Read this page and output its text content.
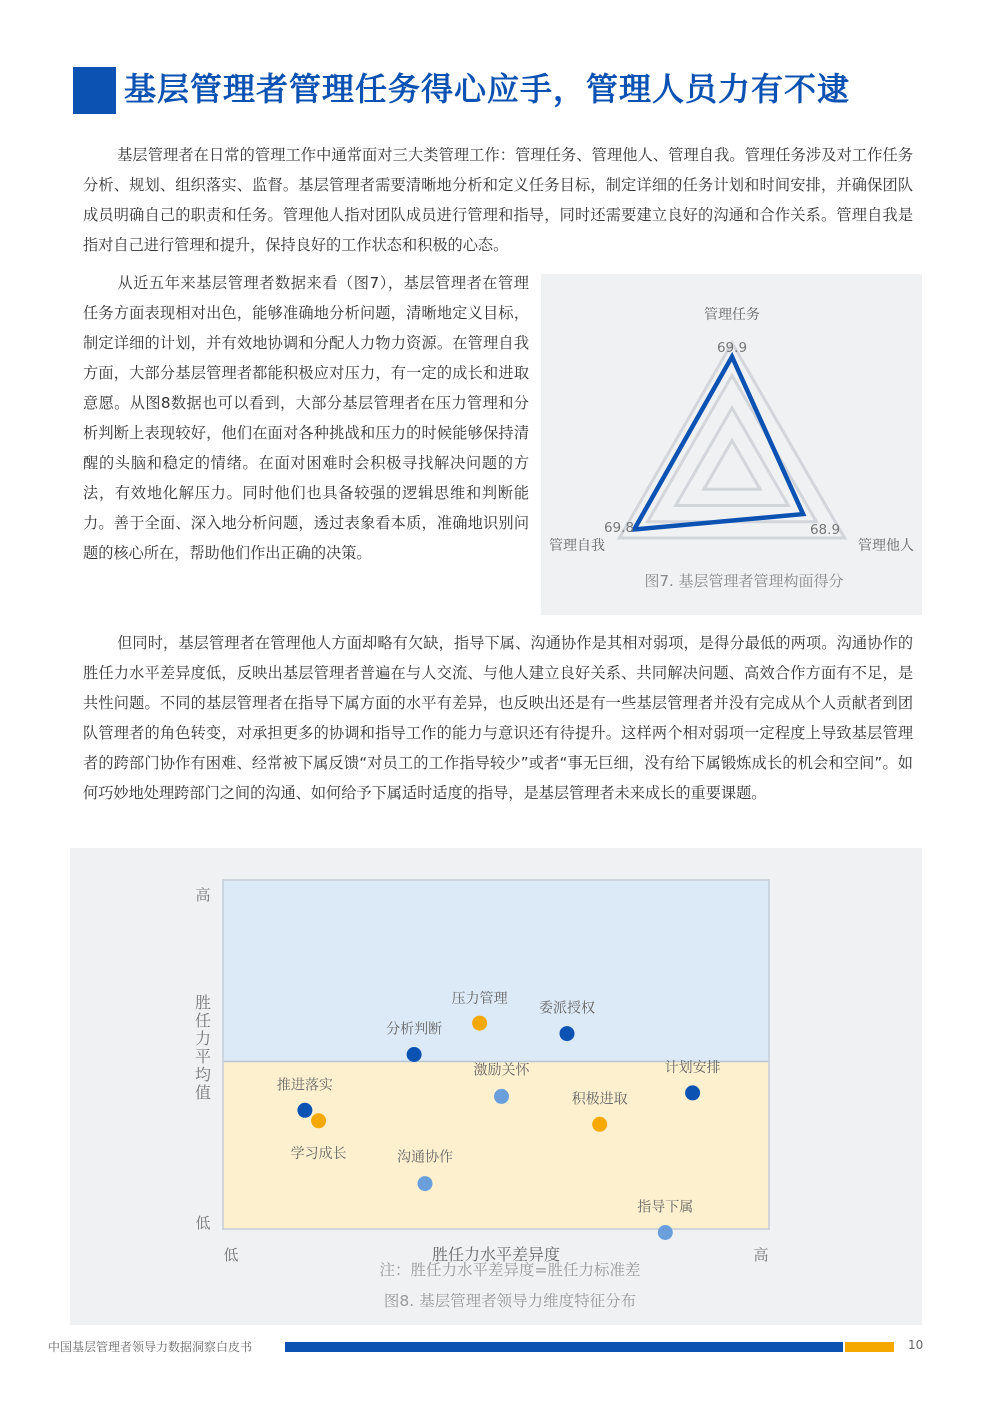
基层管理者管理任务得心应手，管理人员力有不逮

基层管理者在日常的管理工作中通常面对三大类管理工作：管理任务、管理他人、管理自我。管理任务涉及对工作任务分析、规划、组织落实、监督。基层管理者需要清晰地分析和定义任务目标，制定详细的任务计划和时间安排，并确保团队成员明确自己的职责和任务。管理他人指对团队成员进行管理和指导，同时还需要建立良好的沟通和合作关系。管理自我是指对自己进行管理和提升，保持良好的工作状态和积极的心态。

从近五年来基层管理者数据来看（图7），基层管理者在管理任务方面表现相对出色，能够准确地分析问题，清晰地定义目标，制定详细的计划，并有效地协调和分配人力物力资源。在管理自我方面，大部分基层管理者都能积极应对压力，有一定的成长和进取意愿。从图8数据也可以看到，大部分基层管理者在压力管理和分析判断上表现较好，他们在面对各种挑战和压力的时候能够保持清醒的头脑和稳定的情绪。在面对困难时会积极寻找解决问题的方法，有效地化解压力。同时他们也具备较强的逻辑思维和判断能力。善于全面、深入地分析问题，透过表象看本质，准确地识别问题的核心所在，帮助他们作出正确的决策。

管理任务
管理他人
管理自我
69.9
68.9
69.8
图7. 基层管理者管理构面得分

但同时，基层管理者在管理他人方面却略有欠缺，指导下属、沟通协作是其相对弱项，是得分最低的两项。沟通协作的胜任力水平差异度低，反映出基层管理者普遍在与人交流、与他人建立良好关系、共同解决问题、高效合作方面有不足，是共性问题。不同的基层管理者在指导下属方面的水平有差异，也反映出还是有一些基层管理者并没有完成从个人贡献者到团队管理者的角色转变，对承担更多的协调和指导工作的能力与意识还有待提升。这样两个相对弱项一定程度上导致基层管理者的跨部门协作有困难、经常被下属反馈“对员工的工作指导较少”或者“事无巨细，没有给下属锻炼成长的机会和空间”。如何巧妙地处理跨部门之间的沟通、如何给予下属适时适度的指导，是基层管理者未来成长的重要课题。

高
低
低	高
胜任力水平差异度
胜任力平均值
压力管理
委派授权
分析判断
计划安排
激励关怀
推进落实
学习成长
积极进取
沟通协作
指导下属
注：胜任力水平差异度=胜任力标准差
图8. 基层管理者领导力维度特征分布
中国基层管理者领导力数据洞察白皮书	10
